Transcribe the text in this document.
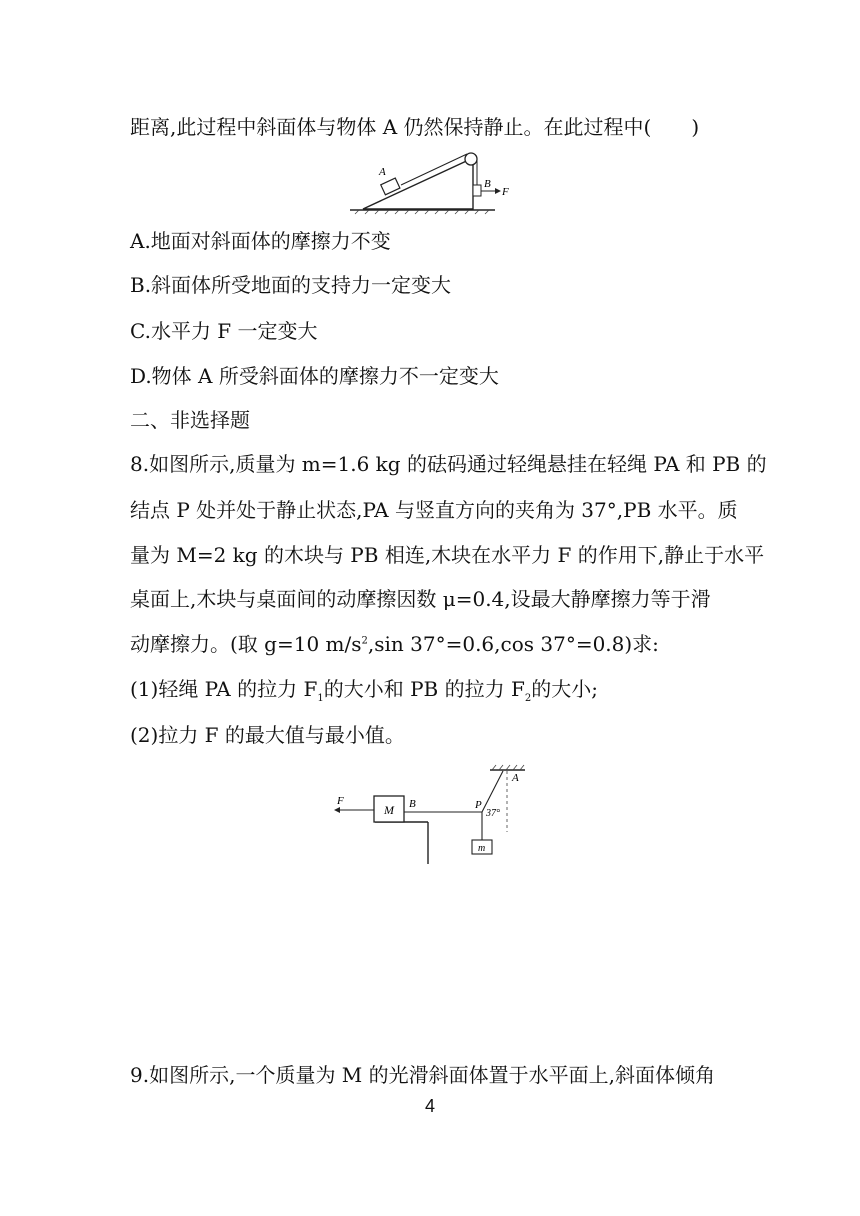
距离,此过程中斜面体与物体 A 仍然保持静止。在此过程中(　　)
A
B
F
A.地面对斜面体的摩擦力不变
B.斜面体所受地面的支持力一定变大
C.水平力 F 一定变大
D.物体 A 所受斜面体的摩擦力不一定变大
二、非选择题
8.如图所示,质量为 m=1.6 kg 的砝码通过轻绳悬挂在轻绳 PA 和 PB 的
结点 P 处并处于静止状态,PA 与竖直方向的夹角为 37°,PB 水平。质
量为 M=2 kg 的木块与 PB 相连,木块在水平力 F 的作用下,静止于水平
桌面上,木块与桌面间的动摩擦因数 μ=0.4,设最大静摩擦力等于滑
动摩擦力。(取 g=10 $m/s^2,\sin$ 37°=0.6,cos 37°=0.8)求:
(1)轻绳 PA 的拉力 $F_1$的大小和 PB 的拉力 $F_2$的大小;
(2)拉力 F 的最大值与最小值。
A
P
37°
M B
F
m
9.如图所示,一个质量为 M 的光滑斜面体置于水平面上,斜面体倾角
4
